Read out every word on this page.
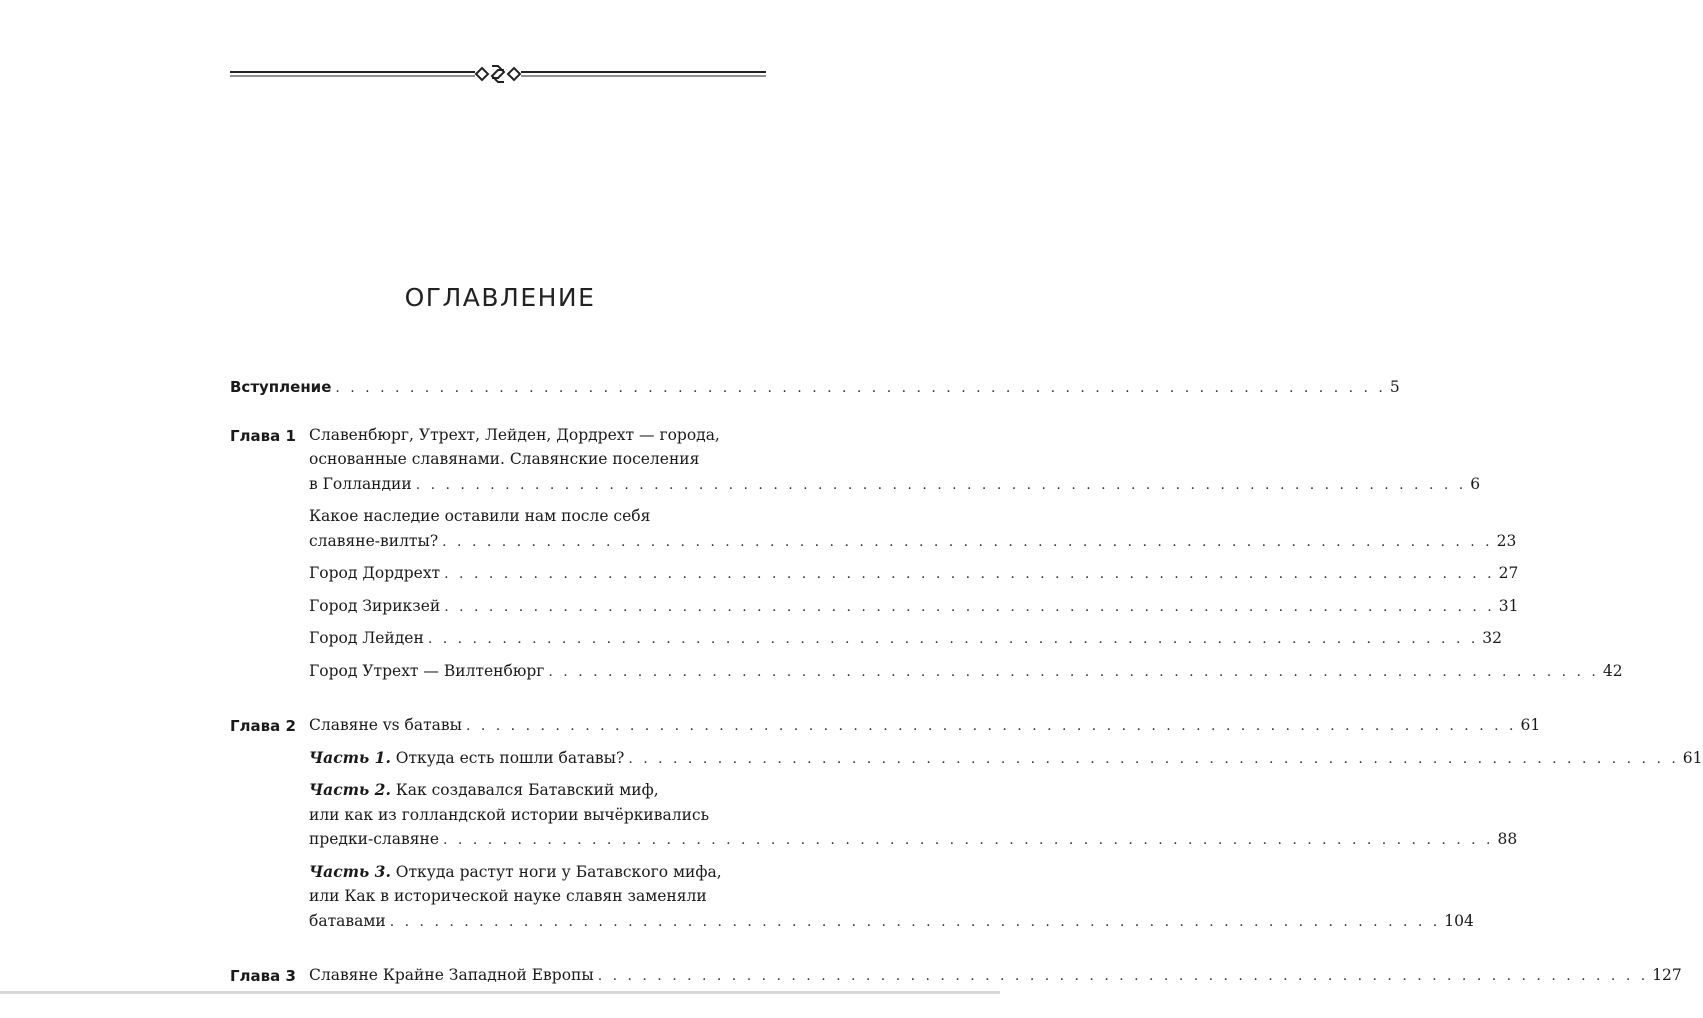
ОГЛАВЛЕНИЕ
Вступление . . . . . . . . . . . . . . . . . . . . . . . . . . . . . . . . . . . . . . . . . . . . . . . . . . . . . . . . . . . . . . . . . . . . . . . 5
Глава 1 Славенбюрг, Утрехт, Лейден, Дордрехт — города,
основанные славянами. Славянские поселения
в Голландии . . . . . . . . . . . . . . . . . . . . . . . . . . . . . . . . . . . . . . . . . . . . . . . . . . . . . . . . . . . . . . . . . . . . . . . 6
Какое наследие оставили нам после себя
славяне-вилты? . . . . . . . . . . . . . . . . . . . . . . . . . . . . . . . . . . . . . . . . . . . . . . . . . . . . . . . . . . . . . . . . . . . . . . . 23
Город Дордрехт . . . . . . . . . . . . . . . . . . . . . . . . . . . . . . . . . . . . . . . . . . . . . . . . . . . . . . . . . . . . . . . . . . . . . . . 27
Город Зирикзей . . . . . . . . . . . . . . . . . . . . . . . . . . . . . . . . . . . . . . . . . . . . . . . . . . . . . . . . . . . . . . . . . . . . . . . 31
Город Лейден . . . . . . . . . . . . . . . . . . . . . . . . . . . . . . . . . . . . . . . . . . . . . . . . . . . . . . . . . . . . . . . . . . . . . . . 32
Город Утрехт — Вилтенбюрг . . . . . . . . . . . . . . . . . . . . . . . . . . . . . . . . . . . . . . . . . . . . . . . . . . . . . . . . . . . . . . . . . . . . . . . 42
Глава 2 Славяне vs батавы . . . . . . . . . . . . . . . . . . . . . . . . . . . . . . . . . . . . . . . . . . . . . . . . . . . . . . . . . . . . . . . . . . . . . . . 61
Часть 1. Откуда есть пошли батавы? . . . . . . . . . . . . . . . . . . . . . . . . . . . . . . . . . . . . . . . . . . . . . . . . . . . . . . . . . . . . . . . . . . . . . . . 61
Часть 2. Как создавался Батавский миф,
или как из голландской истории вычёркивались
предки-славяне . . . . . . . . . . . . . . . . . . . . . . . . . . . . . . . . . . . . . . . . . . . . . . . . . . . . . . . . . . . . . . . . . . . . . . . 88
Часть 3. Откуда растут ноги у Батавского мифа,
или Как в исторической науке славян заменяли
батавами . . . . . . . . . . . . . . . . . . . . . . . . . . . . . . . . . . . . . . . . . . . . . . . . . . . . . . . . . . . . . . . . . . . . . . . 104
Глава 3 Славяне Крайне Западной Европы . . . . . . . . . . . . . . . . . . . . . . . . . . . . . . . . . . . . . . . . . . . . . . . . . . . . . . . . . . . . . . . . . . . . . . . 127
